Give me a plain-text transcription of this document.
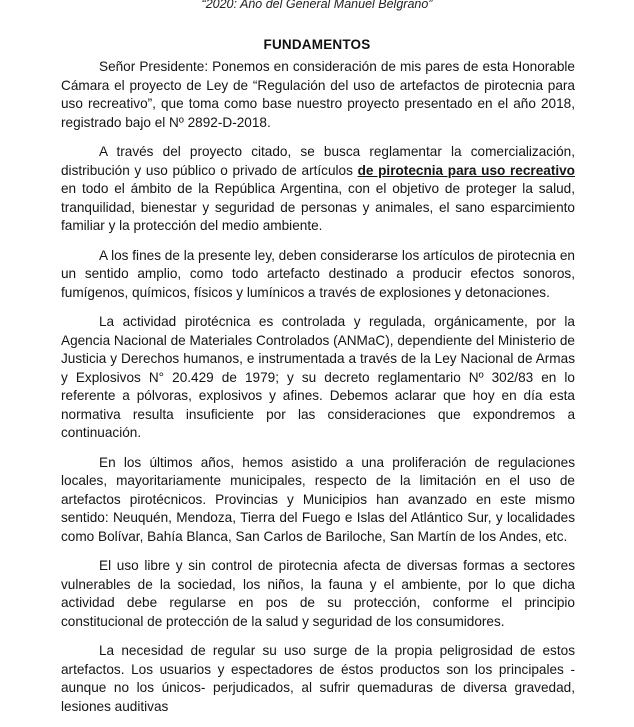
“2020: Año del General Manuel Belgrano”
FUNDAMENTOS

Señor Presidente: Ponemos en consideración de mis pares de esta Honorable Cámara el proyecto de Ley de “Regulación del uso de artefactos de pirotecnia para uso recreativo”, que toma como base nuestro proyecto presentado en el año 2018, registrado bajo el Nº 2892-D-2018.

A través del proyecto citado, se busca reglamentar la comercialización, distribución y uso público o privado de artículos de pirotecnia para uso recreativo en todo el ámbito de la República Argentina, con el objetivo de proteger la salud, tranquilidad, bienestar y seguridad de personas y animales, el sano esparcimiento familiar y la protección del medio ambiente.

A los fines de la presente ley, deben considerarse los artículos de pirotecnia en un sentido amplio, como todo artefacto destinado a producir efectos sonoros, fumígenos, químicos, físicos y lumínicos a través de explosiones y detonaciones.

La actividad pirotécnica es controlada y regulada, orgánicamente, por la Agencia Nacional de Materiales Controlados (ANMaC), dependiente del Ministerio de Justicia y Derechos humanos, e instrumentada a través de la Ley Nacional de Armas y Explosivos N° 20.429 de 1979; y su decreto reglamentario Nº 302/83 en lo referente a pólvoras, explosivos y afines. Debemos aclarar que hoy en día esta normativa resulta insuficiente por las consideraciones que expondremos a continuación.

En los últimos años, hemos asistido a una proliferación de regulaciones locales, mayoritariamente municipales, respecto de la limitación en el uso de artefactos pirotécnicos. Provincias y Municipios han avanzado en este mismo sentido: Neuquén, Mendoza, Tierra del Fuego e Islas del Atlántico Sur, y localidades como Bolívar, Bahía Blanca, San Carlos de Bariloche, San Martín de los Andes, etc.

El uso libre y sin control de pirotecnia afecta de diversas formas a sectores vulnerables de la sociedad, los niños, la fauna y el ambiente, por lo que dicha actividad debe regularse en pos de su protección, conforme el principio constitucional de protección de la salud y seguridad de los consumidores.

La necesidad de regular su uso surge de la propia peligrosidad de estos artefactos. Los usuarios y espectadores de éstos productos son los principales -aunque no los únicos- perjudicados, al sufrir quemaduras de diversa gravedad, lesiones auditivas
